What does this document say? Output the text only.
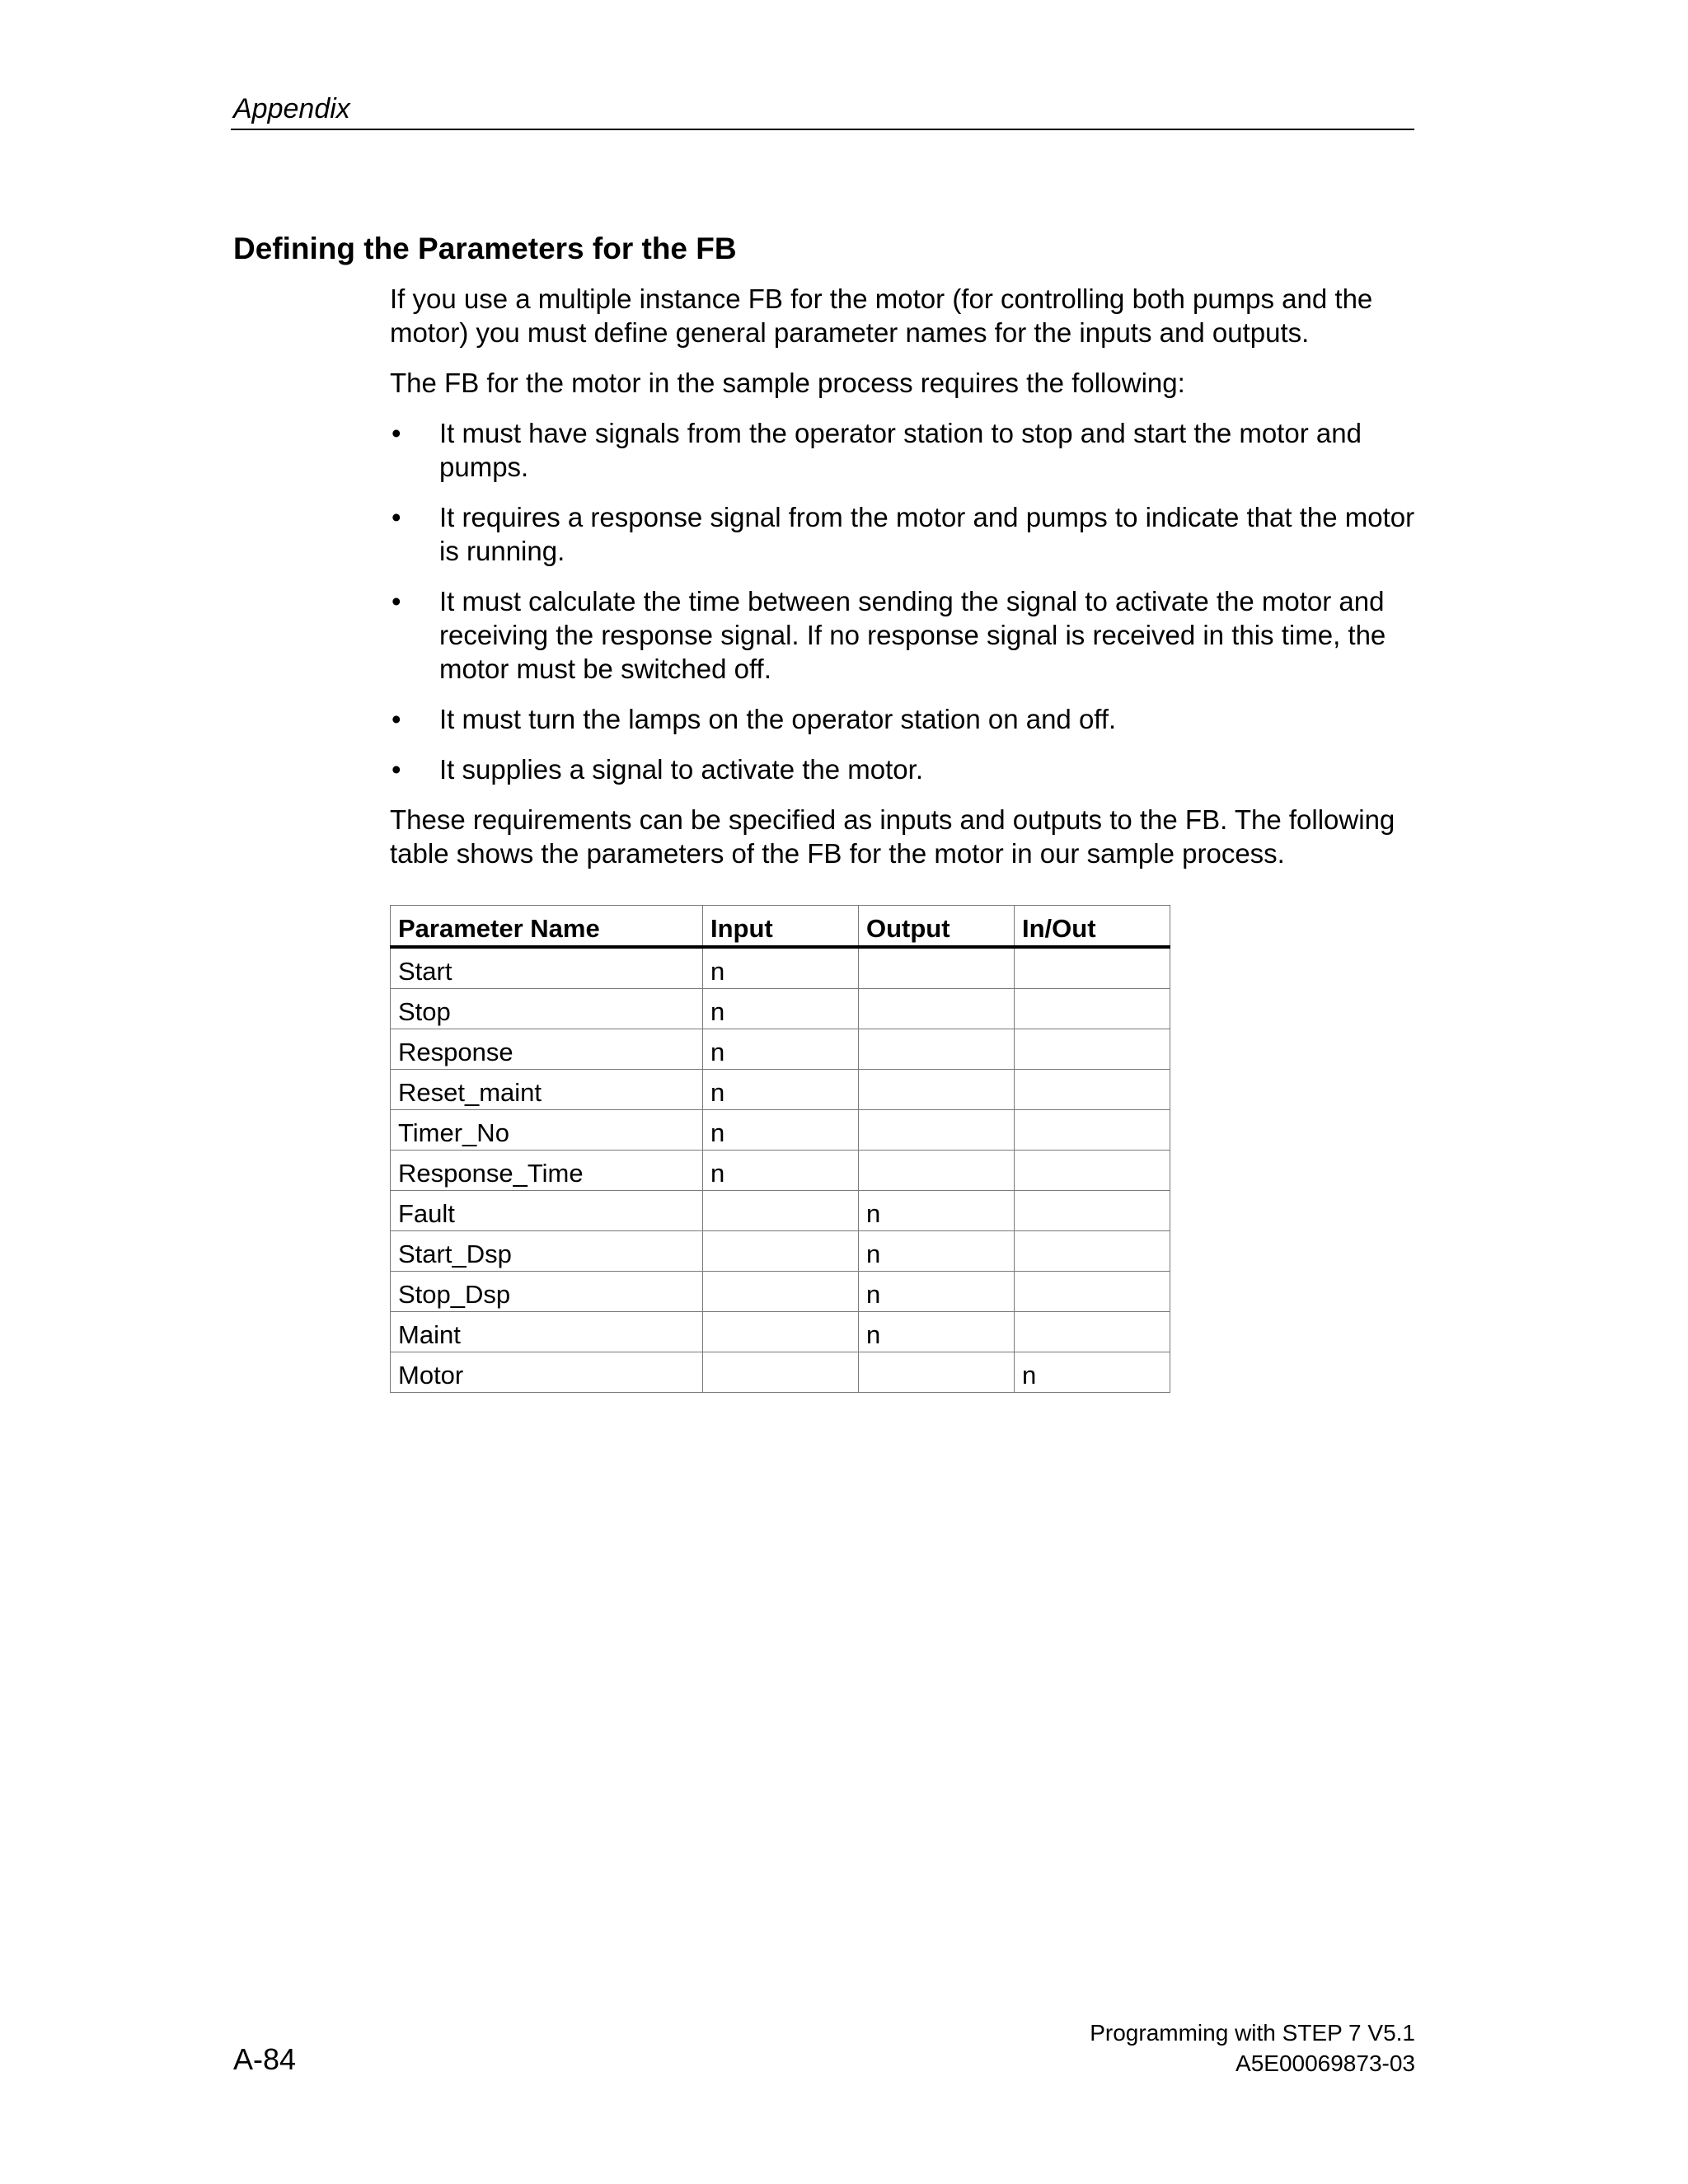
Appendix
Defining the Parameters for the FB

If you use a multiple instance FB for the motor (for controlling both pumps and the motor) you must define general parameter names for the inputs and outputs.

The FB for the motor in the sample process requires the following:

• It must have signals from the operator station to stop and start the motor and pumps.
• It requires a response signal from the motor and pumps to indicate that the motor is running.
• It must calculate the time between sending the signal to activate the motor and receiving the response signal. If no response signal is received in this time, the motor must be switched off.
• It must turn the lamps on the operator station on and off.
• It supplies a signal to activate the motor.

These requirements can be specified as inputs and outputs to the FB. The following table shows the parameters of the FB for the motor in our sample process.

Parameter Name	Input	Output	In/Out
Start	n		
Stop	n		
Response	n		
Reset_maint	n		
Timer_No	n		
Response_Time	n		
Fault		n	
Start_Dsp		n	
Stop_Dsp		n	
Maint		n	
Motor			n
A-84
Programming with STEP 7 V5.1
A5E00069873-03
